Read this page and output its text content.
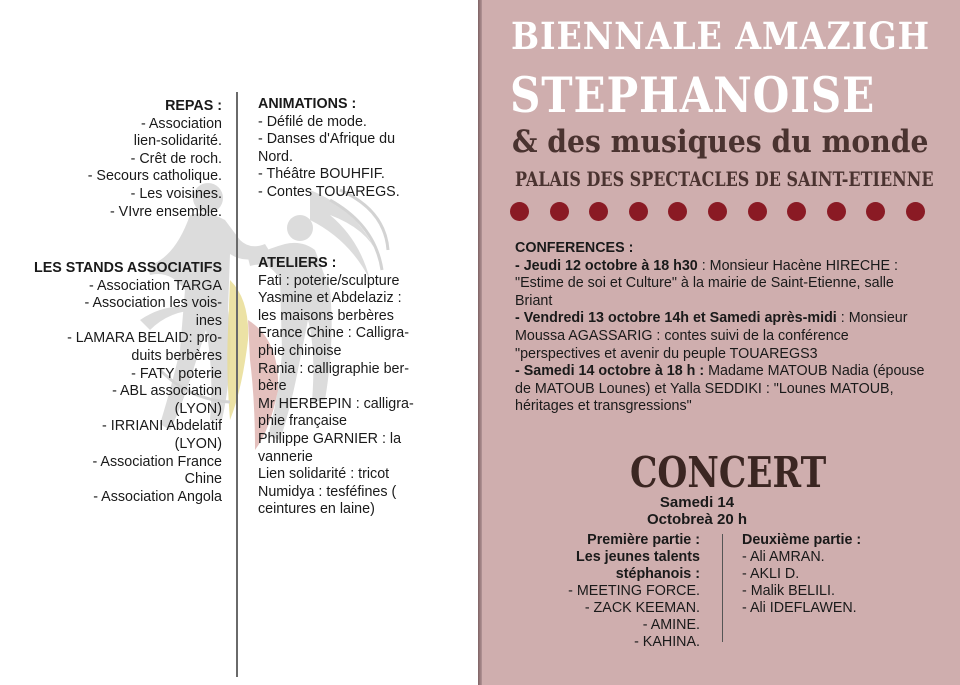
REPAS :
- Association
lien-solidarité.
- Crêt de roch.
- Secours catholique.
- Les voisines.
- VIvre ensemble.
LES STANDS ASSOCIATIFS
- Association TARGA
- Association les vois-
ines
- LAMARA BELAID: pro-
duits berbères
- FATY poterie
- ABL association
(LYON)
- IRRIANI Abdelatif
(LYON)
- Association France
Chine
- Association Angola
ANIMATIONS :
- Défilé de mode.
- Danses d'Afrique du
Nord.
- Théâtre BOUHFIF.
- Contes TOUAREGS.
ATELIERS :
Fati : poterie/sculpture
Yasmine et Abdelaziz :
les maisons berbères
France Chine : Calligra-
phie chinoise
Rania : calligraphie ber-
bère
Mr HERBEPIN : calligra-
phie française
Philippe GARNIER : la
vannerie
Lien solidarité : tricot
Numidya : tesféfines (
ceintures en laine)
BIENNALE AMAZIGH
STEPHANOISE
& des musiques du monde
PALAIS DES SPECTACLES DE SAINT-ETIENNE
CONFERENCES :
- Jeudi 12 octobre à 18 h30 : Monsieur Hacène HIRECHE : "Estime de soi et Culture" à la mairie de Saint-Etienne, salle Briant
- Vendredi 13 octobre 14h et Samedi après-midi : Monsieur Moussa AGASSARIG : contes suivi de la conférence "perspectives et avenir du peuple TOUAREGS3
- Samedi 14 octobre à 18 h : Madame MATOUB Nadia (épouse de MATOUB Lounes) et Yalla SEDDIKI : "Lounes MATOUB, héritages et transgressions"
CONCERT
Samedi 14
Octobreà 20 h
Première partie :
Les jeunes talents
stéphanois :
- MEETING FORCE.
- ZACK KEEMAN.
- AMINE.
- KAHINA.
Deuxième partie :
- Ali AMRAN.
- AKLI D.
- Malik BELILI.
- Ali IDEFLAWEN.
